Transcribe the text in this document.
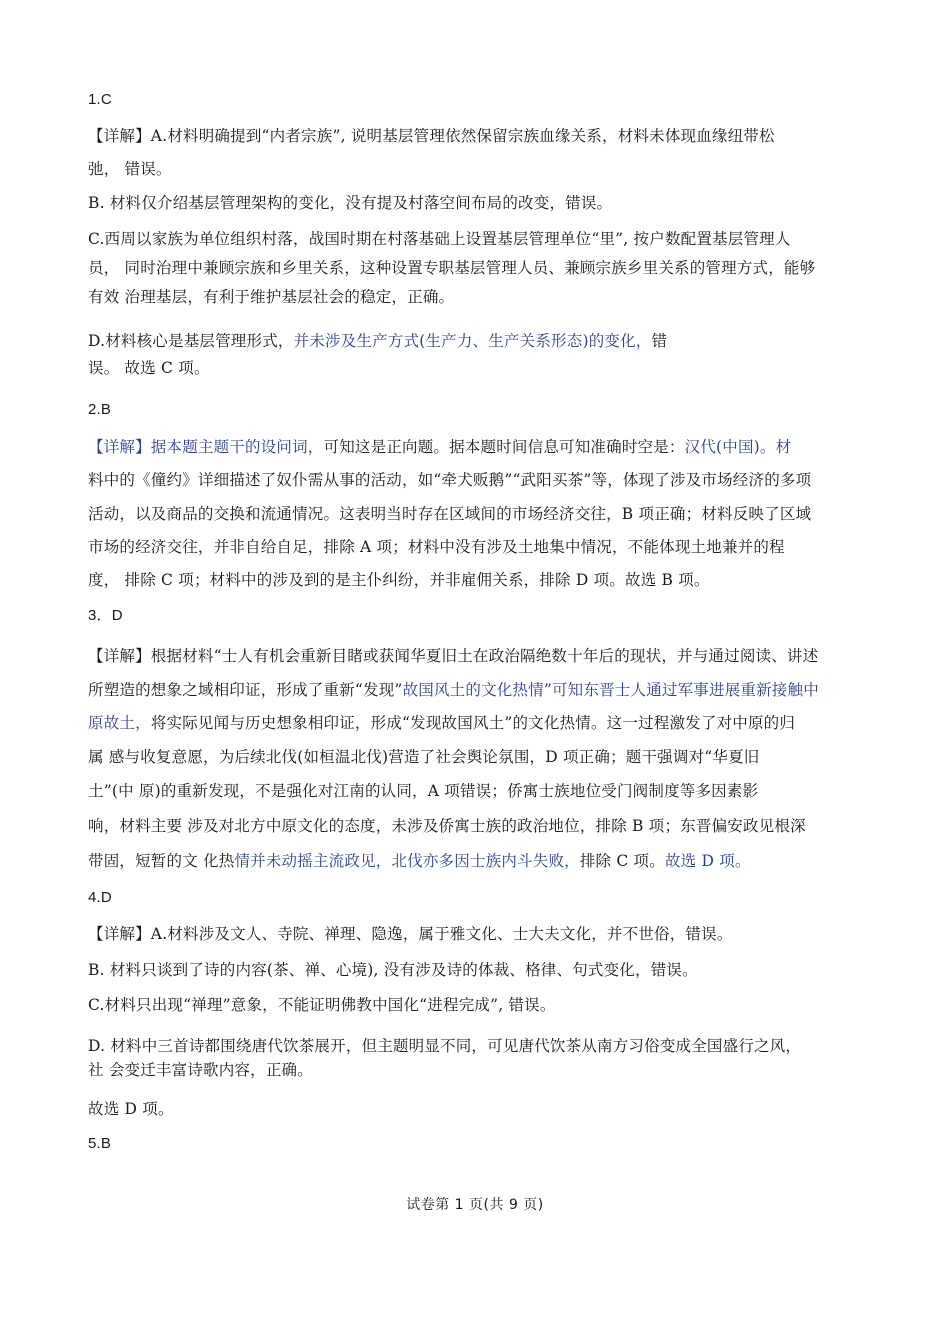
1.C
【详解】A.材料明确提到“内者宗族”, 说明基层管理依然保留宗族血缘关系，材料未体现血缘纽带松
弛， 错误。
B. 材料仅介绍基层管理架构的变化，没有提及村落空间布局的改变，错误。
C.西周以家族为单位组织村落，战国时期在村落基础上设置基层管理单位“里”, 按户数配置基层管理人
员， 同时治理中兼顾宗族和乡里关系，这种设置专职基层管理人员、兼顾宗族乡里关系的管理方式，能够
有效 治理基层，有利于维护基层社会的稳定，正确。
D.材料核心是基层管理形式，并未涉及生产方式(生产力、生产关系形态)的变化，错
误。 故选 C 项。
2.B
【详解】据本题主题干的设问词，可知这是正向题。据本题时间信息可知准确时空是：汉代(中国)。材
料中的《僮约》详细描述了奴仆需从事的活动，如“牵犬贩鹅”“武阳买茶”等，体现了涉及市场经济的多项
活动，以及商品的交换和流通情况。这表明当时存在区域间的市场经济交往，B 项正确；材料反映了区域
市场的经济交往，并非自给自足，排除 A 项；材料中没有涉及土地集中情况，不能体现土地兼并的程
度， 排除 C 项；材料中的涉及到的是主仆纠纷，并非雇佣关系，排除 D 项。故选 B 项。
3．D
【详解】根据材料“士人有机会重新目睹或获闻华夏旧土在政治隔绝数十年后的现状，并与通过阅读、讲述
所塑造的想象之域相印证，形成了重新“发现”故国风土的文化热情”可知东晋士人通过军事进展重新接触中
原故土，将实际见闻与历史想象相印证，形成“发现故国风土”的文化热情。这一过程激发了对中原的归
属 感与收复意愿，为后续北伐(如桓温北伐)营造了社会舆论氛围，D 项正确；题干强调对“华夏旧
土”(中 原)的重新发现，不是强化对江南的认同，A 项错误；侨寓士族地位受门阀制度等多因素影
响，材料主要 涉及对北方中原文化的态度，未涉及侨寓士族的政治地位，排除 B 项；东晋偏安政见根深
带固，短暂的文 化热情并未动摇主流政见，北伐亦多因士族内斗失败，排除 C 项。故选 D 项。
4.D
【详解】A.材料涉及文人、寺院、禅理、隐逸，属于雅文化、士大夫文化，并不世俗，错误。
B. 材料只谈到了诗的内容(茶、禅、心境), 没有涉及诗的体裁、格律、句式变化，错误。
C.材料只出现“禅理”意象，不能证明佛教中国化“进程完成”, 错误。
D. 材料中三首诗都围绕唐代饮茶展开，但主题明显不同，可见唐代饮茶从南方习俗变成全国盛行之风，
社 会变迁丰富诗歌内容，正确。
故选 D 项。
5.B
试卷第 1 页(共 9 页)
